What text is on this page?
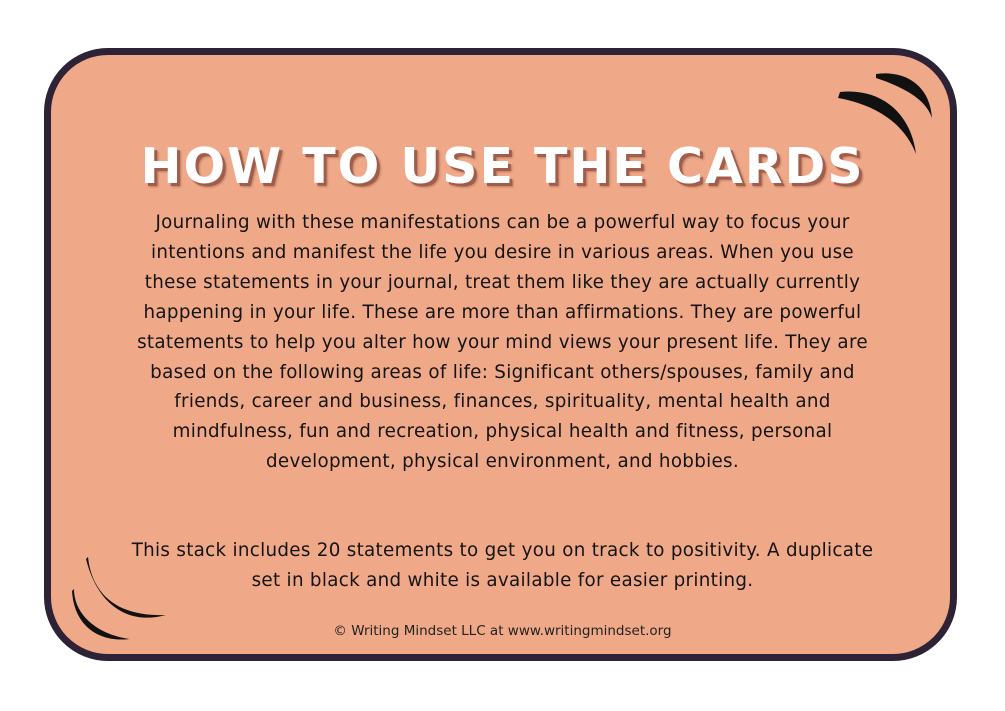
HOW TO USE THE CARDS

Journaling with these manifestations can be a powerful way to focus your intentions and manifest the life you desire in various areas. When you use these statements in your journal, treat them like they are actually currently happening in your life. These are more than affirmations. They are powerful statements to help you alter how your mind views your present life. They are based on the following areas of life: Significant others/spouses, family and friends, career and business, finances, spirituality, mental health and mindfulness, fun and recreation, physical health and fitness, personal development, physical environment, and hobbies.

This stack includes 20 statements to get you on track to positivity. A duplicate set in black and white is available for easier printing.

© Writing Mindset LLC at www.writingmindset.org
